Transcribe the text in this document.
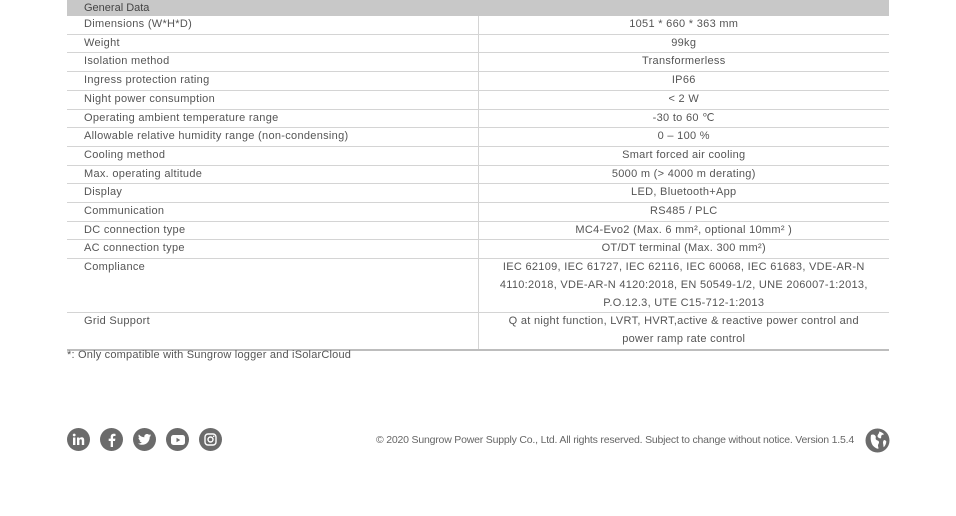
General Data	
Dimensions (W*H*D)	1051 * 660 * 363 mm
Weight	99kg
Isolation method	Transformerless
Ingress protection rating	IP66
Night power consumption	< 2 W
Operating ambient temperature range	-30 to 60 ℃
Allowable relative humidity range (non-condensing)	0 – 100 %
Cooling method	Smart forced air cooling
Max. operating altitude	5000 m (> 4000 m derating)
Display	LED, Bluetooth+App
Communication	RS485 / PLC
DC connection type	MC4-Evo2 (Max. 6 mm², optional 10mm² )
AC connection type	OT/DT terminal (Max. 300 mm²)
Compliance	IEC 62109, IEC 61727, IEC 62116, IEC 60068, IEC 61683, VDE-AR-N
4110:2018, VDE-AR-N 4120:2018, EN 50549-1/2, UNE 206007-1:2013,
P.O.12.3, UTE C15-712-1:2013

Grid Support	Q at night function, LVRT, HVRT,active & reactive power control and
power ramp rate control
*: Only compatible with Sungrow logger and iSolarCloud
© 2020 Sungrow Power Supply Co., Ltd. All rights reserved. Subject to change without notice. Version 1.5.4
